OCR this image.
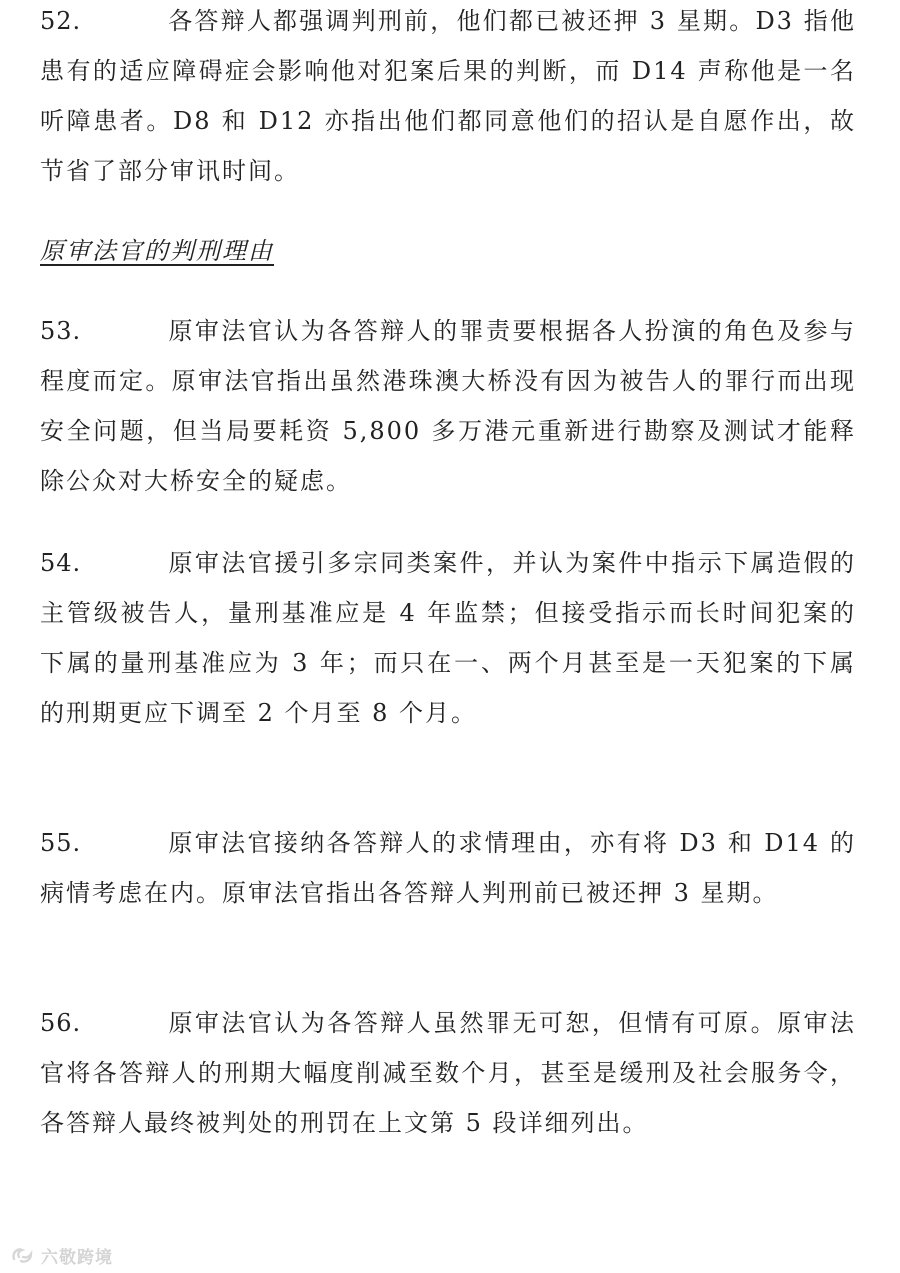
52.	各答辩人都强调判刑前，他们都已被还押 3 星期。D3 指他患有的适应障碍症会影响他对犯案后果的判断，而 D14 声称他是一名听障患者。D8 和 D12 亦指出他们都同意他们的招认是自愿作出，故节省了部分审讯时间。

原审法官的判刑理由

53.	原审法官认为各答辩人的罪责要根据各人扮演的角色及参与程度而定。原审法官指出虽然港珠澳大桥没有因为被告人的罪行而出现安全问题，但当局要耗资 5,800 多万港元重新进行勘察及测试才能释除公众对大桥安全的疑虑。

54.	原审法官援引多宗同类案件，并认为案件中指示下属造假的主管级被告人，量刑基准应是 4 年监禁；但接受指示而长时间犯案的下属的量刑基准应为 3 年；而只在一、两个月甚至是一天犯案的下属的刑期更应下调至 2 个月至 8 个月。

55.	原审法官接纳各答辩人的求情理由，亦有将 D3 和 D14 的病情考虑在内。原审法官指出各答辩人判刑前已被还押 3 星期。

56.	原审法官认为各答辩人虽然罪无可恕，但情有可原。原审法官将各答辩人的刑期大幅度削减至数个月，甚至是缓刑及社会服务令，各答辩人最终被判处的刑罚在上文第 5 段详细列出。

六敬跨境
